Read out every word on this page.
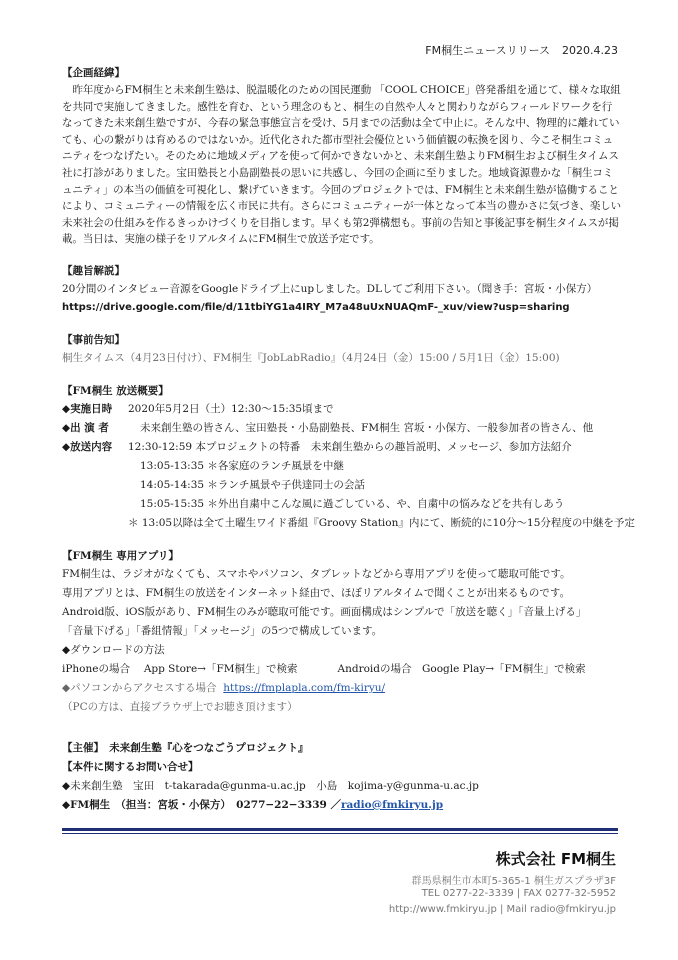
FM桐生ニュースリリース 2020.4.23
【企画経緯】
昨年度からFM桐生と未来創生塾は、脱温暖化のための国民運動 「COOL CHOICE」啓発番組を通じて、様々な取組を共同で実施してきました。感性を育む、という理念のもと、桐生の自然や人々と関わりながらフィールドワークを行なってきた未来創生塾ですが、今春の緊急事態宣言を受け、5月までの活動は全て中止に。そんな中、物理的に離れていても、心の繋がりは育めるのではないか。近代化された都市型社会優位という価値観の転換を図り、今こそ桐生コミュニティをつなげたい。そのために地域メディアを使って何かできないかと、未来創生塾よりFM桐生および桐生タイムス社に打診がありました。宝田塾長と小島副塾長の思いに共感し、今回の企画に至りました。地域資源豊かな「桐生コミュニティ」の本当の価値を可視化し、繋げていきます。今回のプロジェクトでは、FM桐生と未来創生塾が協働することにより、コミュニティーの情報を広く市民に共有。さらにコミュニティーが一体となって本当の豊かさに気づき、楽しい未来社会の仕組みを作るきっかけづくりを目指します。早くも第2弾構想も。事前の告知と事後記事を桐生タイムスが掲載。当日は、実施の様子をリアルタイムにFM桐生で放送予定です。
【趣旨解説】
20分間のインタビュー音源をGoogleドライブ上にupしました。DLしてご利用下さい。（聞き手：宮坂・小保方）
https://drive.google.com/file/d/11tbiYG1a4IRY_M7a48uUxNUAQmF-_xuv/view?usp=sharing
【事前告知】
桐生タイムス（4月23日付け）、FM桐生『JobLabRadio』（4月24日（金）15:00 / 5月1日（金）15:00)
【FM桐生 放送概要】
◆実施日時 2020年5月2日（土）12:30〜15:35頃まで
◆出 演 者	未来創生塾の皆さん、宝田塾長・小島副塾長、FM桐生 宮坂・小保方、一般参加者の皆さん、他
◆放送内容 12:30-12:59 本プロジェクトの特番　未来創生塾からの趣旨説明、メッセージ、参加方法紹介
13:05-13:35 ＊各家庭のランチ風景を中継
14:05-14:35 ＊ランチ風景や子供達同士の会話
15:05-15:35 ＊外出自粛中こんな風に過ごしている、や、自粛中の悩みなどを共有しあう
＊ 13:05以降は全て土曜生ワイド番組『Groovy Station』内にて、断続的に10分〜15分程度の中継を予定
【FM桐生 専用アプリ】
FM桐生は、ラジオがなくても、スマホやパソコン、タブレットなどから専用アプリを使って聴取可能です。
専用アプリとは、FM桐生の放送をインターネット経由で、ほぼリアルタイムで聞くことが出来るものです。
Android版、iOS版があり、FM桐生のみが聴取可能です。画面構成はシンプルで「放送を聴く」「音量上げる」
「音量下げる」「番組情報」「メッセージ」の5つで構成しています。
◆ダウンロードの方法
iPhoneの場合　 App Store→「FM桐生」で検索	Androidの場合　Google Play→「FM桐生」で検索
◆パソコンからアクセスする場合 https://fmplapla.com/fm-kiryu/
（PCの方は、直接ブラウザ上でお聴き頂けます）
【主催】　未来創生塾『心をつなごうプロジェクト』
【本件に関するお問い合せ】
◆未来創生塾　宝田　t-takarada@gunma-u.ac.jp　小島　kojima-y@gunma-u.ac.jp
◆FM桐生　（担当：宮坂・小保方）　0277−22−3339 ／radio@fmkiryu.jp
株式会社 FM桐生
群馬県桐生市本町5-365-1 桐生ガスプラザ3F
TEL 0277-22-3339 | FAX 0277-32-5952
http://www.fmkiryu.jp | Mail radio@fmkiryu.jp
